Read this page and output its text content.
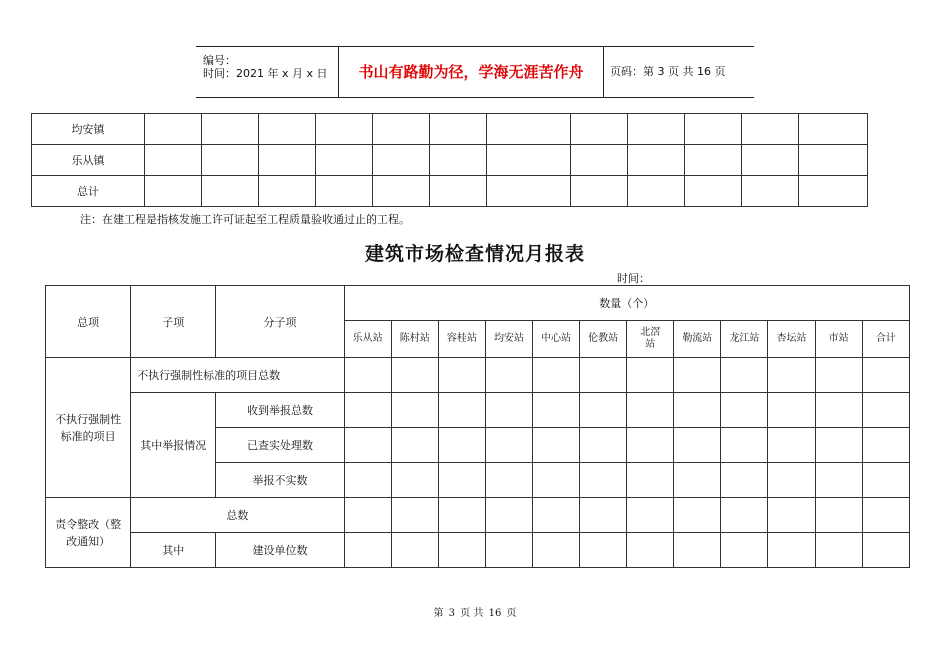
编号：
时间：2021 年 x 月 x 日	书山有路勤为径，学海无涯苦作舟	页码：第 3 页 共 16 页
均安镇												
乐从镇												
总计												
注：在建工程是指核发施工许可证起至工程质量验收通过止的工程。
建筑市场检查情况月报表
时间：
总项	子项	分子项	数量（个）											
			乐从站	陈村站	容桂站	均安站	中心站	伦教站	北滘站	勒流站	龙江站	杏坛站	市站	合计
不执行强制性标准的项目	不执行强制性标准的项目总数													
	其中举报情况	收到举报总数												
		已查实处理数												
		举报不实数												
责令整改（整改通知）	总数													
	其中	建设单位数												
第 3 页 共 16 页
